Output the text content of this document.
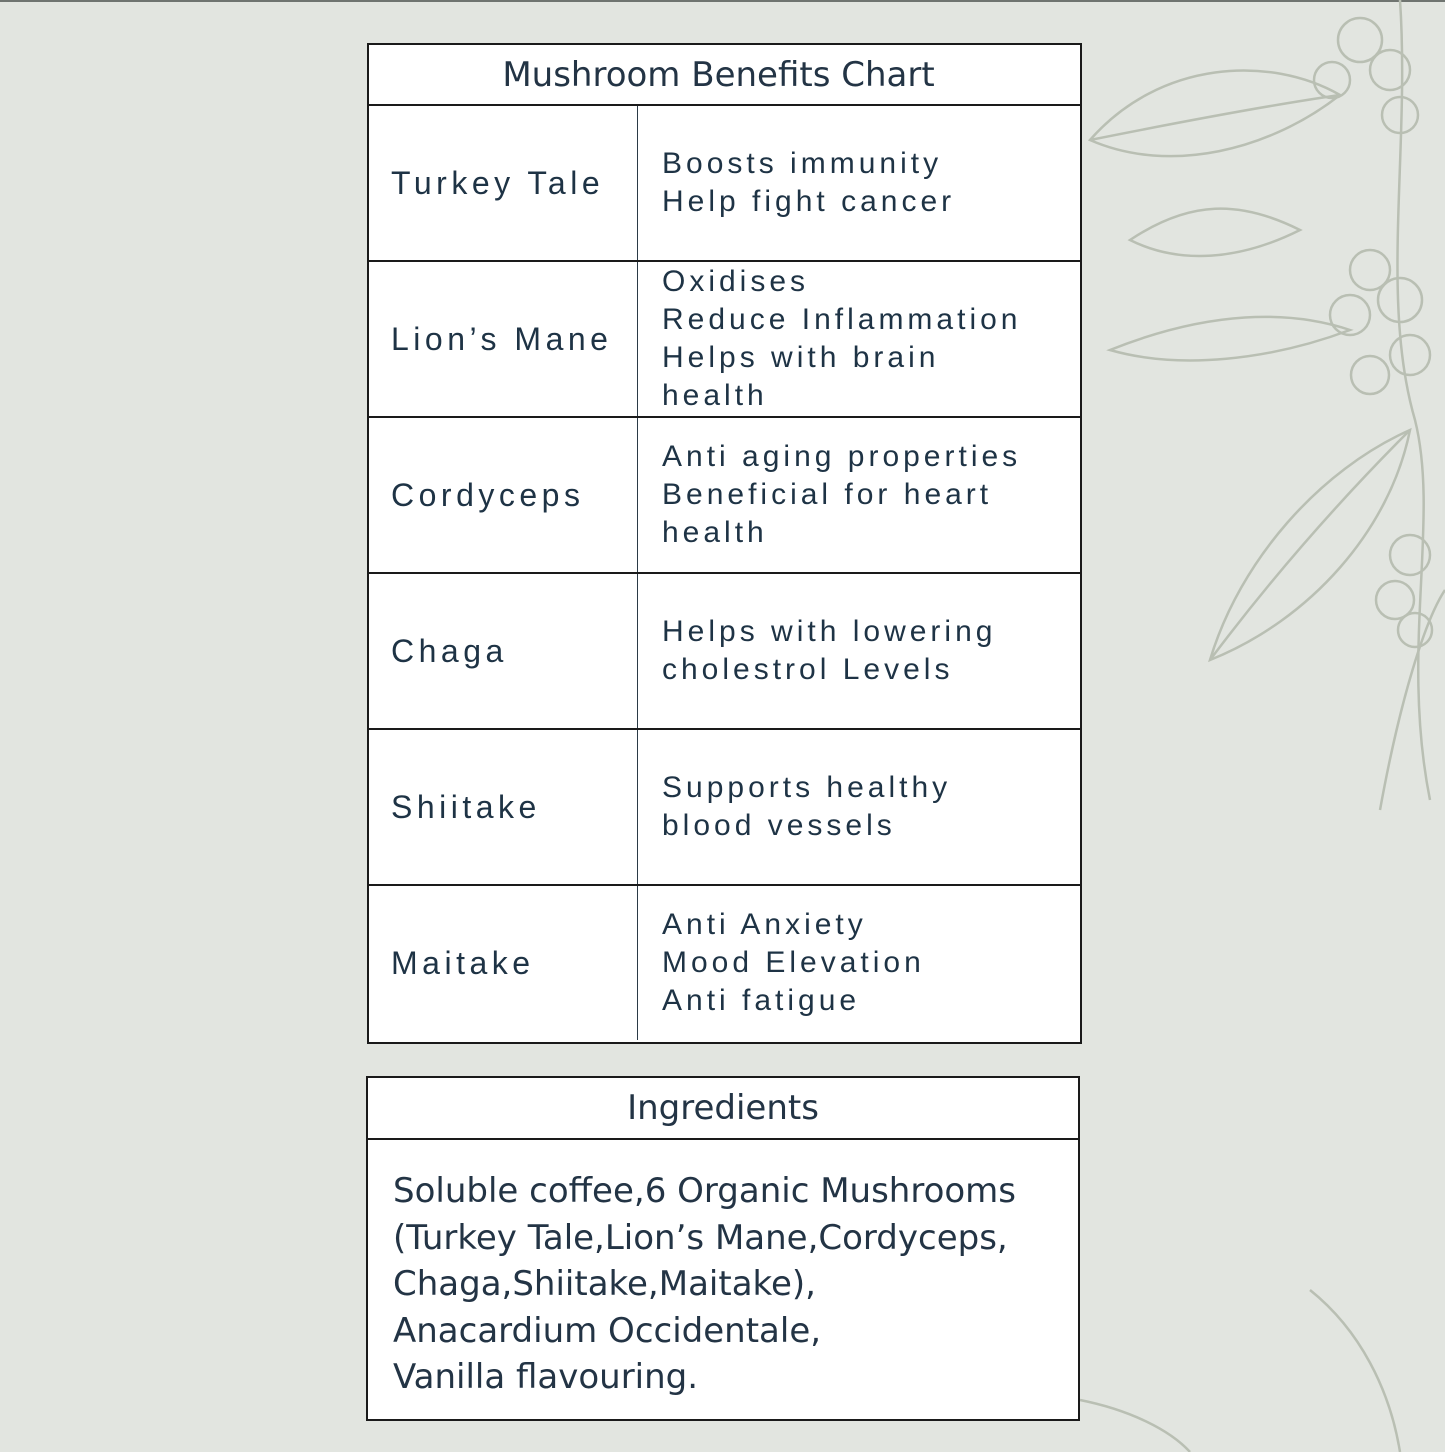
Mushroom Benefits Chart
Turkey Tale
Boosts immunity
Help fight cancer
Lion’s Mane
Oxidises
Reduce Inflammation
Helps with brain
health
Cordyceps
Anti aging properties
Beneficial for heart
health
Chaga
Helps with lowering
cholestrol Levels
Shiitake
Supports healthy
blood vessels
Maitake
Anti Anxiety
Mood Elevation
Anti fatigue
Ingredients
Soluble coffee,6 Organic Mushrooms
(Turkey Tale,Lion’s Mane,Cordyceps,
Chaga,Shiitake,Maitake),
Anacardium Occidentale,
Vanilla flavouring.
